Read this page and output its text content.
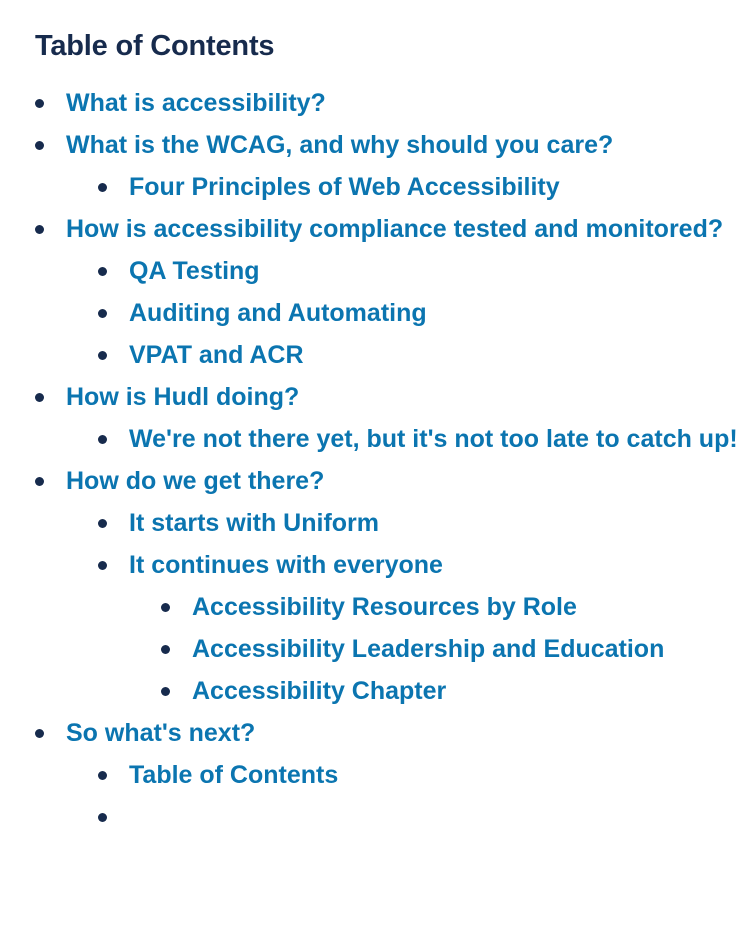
Table of Contents
What is accessibility?
What is the WCAG, and why should you care?
Four Principles of Web Accessibility
How is accessibility compliance tested and monitored?
QA Testing
Auditing and Automating
VPAT and ACR
How is Hudl doing?
We're not there yet, but it's not too late to catch up!
How do we get there?
It starts with Uniform
It continues with everyone
Accessibility Resources by Role
Accessibility Leadership and Education
Accessibility Chapter
So what's next?
Table of Contents
